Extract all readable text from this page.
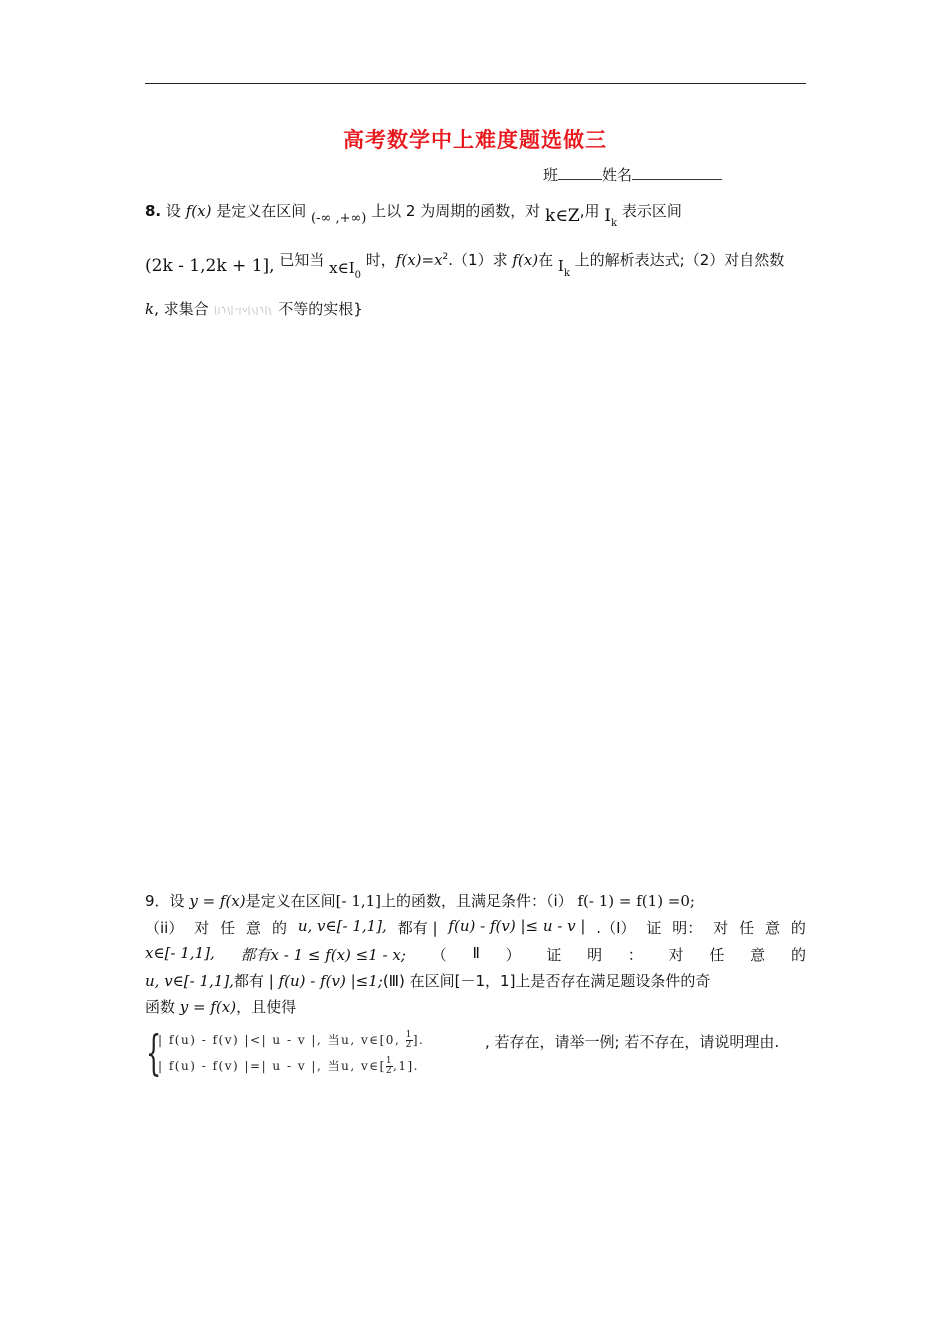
高考数学中上难度题选做三
班	姓名
8. 设 f(x) 是定义在区间 (-∞ ,+∞) 上以 2 为周期的函数，对 k∈Z,用 $I_k$ 表示区间
(2k - 1,2k + 1], 已知当 $x\in I_0$ 时，$f(x)=x^2.(1)$求 f(x)在 $I_k$ 上的解析表达式;（2）对自然数
k, 求集合	不等的实根}
9．设 y = f(x)是定义在区间[- 1,1]上的函数，且满足条件：（i） f(- 1) = f(1) =0;
（ii） 对 任 意 的 u, v∈[- 1,1], 都有 | f(u) - f(v) |≤ u - v | .（Ⅰ） 证 明： 对 任 意 的
x∈[- 1,1], 都有x - 1 ≤ f(x) ≤1 - x; （ Ⅱ ） 证 明 ： 对 任 意 的
u, v∈[- 1,1],都有 | f(u) - f(v) |≤1;(Ⅲ) 在区间[－1，1]上是否存在满足题设条件的奇
函数 y = f(x)，且使得
{
| f(u) - f(v) |<| u - v |, 当u, v∈[0, $\frac{1}{2}$ ].
| f(u) - f(v) |=| u - v |, 当u, v∈[ $\frac{1}{2} ,1$].
, 若存在，请举一例; 若不存在，请说明理由.
